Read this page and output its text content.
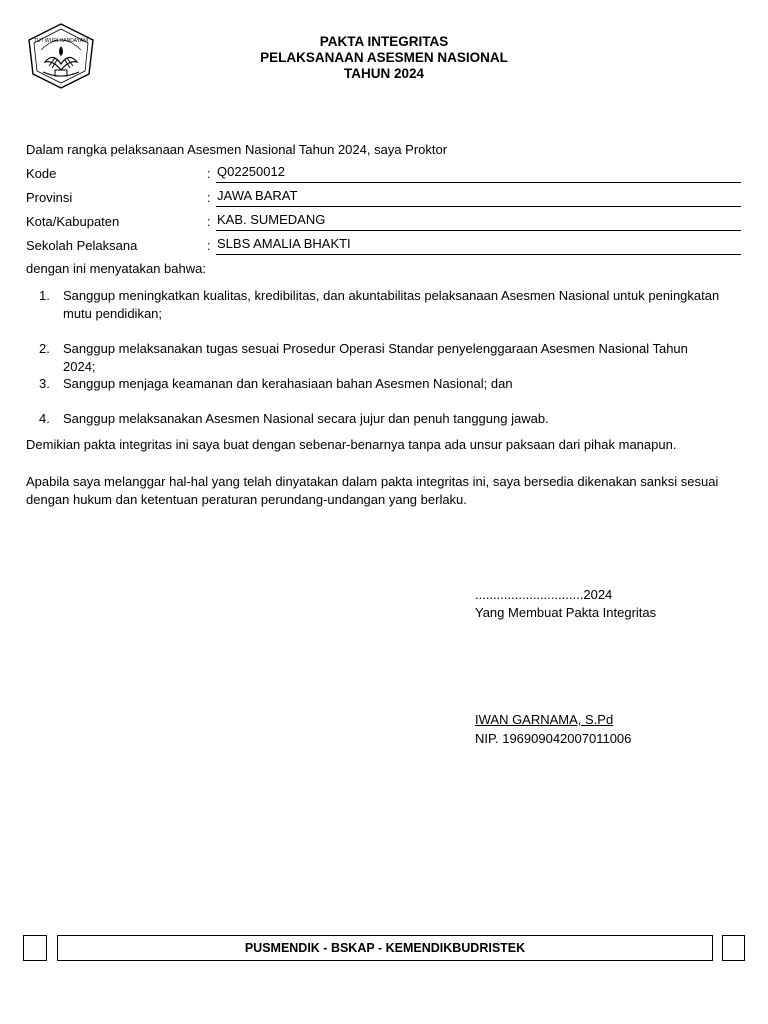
TUT WURI HANDAYANI	PAKTA INTEGRITAS
PELAKSANAAN ASESMEN NASIONAL
TAHUN 2024
Dalam rangka pelaksanaan Asesmen Nasional Tahun 2024, saya Proktor
Kode	: Q02250012
Provinsi	: JAWA BARAT
Kota/Kabupaten	: KAB. SUMEDANG
Sekolah Pelaksana	: SLBS AMALIA BHAKTI
dengan ini menyatakan bahwa:
1. Sanggup meningkatkan kualitas, kredibilitas, dan akuntabilitas pelaksanaan Asesmen Nasional untuk peningkatan mutu pendidikan;
2. Sanggup melaksanakan tugas sesuai Prosedur Operasi Standar penyelenggaraan Asesmen Nasional Tahun 2024;
3. Sanggup menjaga keamanan dan kerahasiaan bahan Asesmen Nasional; dan
4. Sanggup melaksanakan Asesmen Nasional secara jujur dan penuh tanggung jawab.
Demikian pakta integritas ini saya buat dengan sebenar-benarnya tanpa ada unsur paksaan dari pihak manapun.
Apabila saya melanggar hal-hal yang telah dinyatakan dalam pakta integritas ini, saya bersedia dikenakan sanksi sesuai dengan hukum dan ketentuan peraturan perundang-undangan yang berlaku.
..............................2024
Yang Membuat Pakta Integritas
IWAN GARNAMA, S.Pd
NIP. 196909042007011006
PUSMENDIK - BSKAP - KEMENDIKBUDRISTEK
